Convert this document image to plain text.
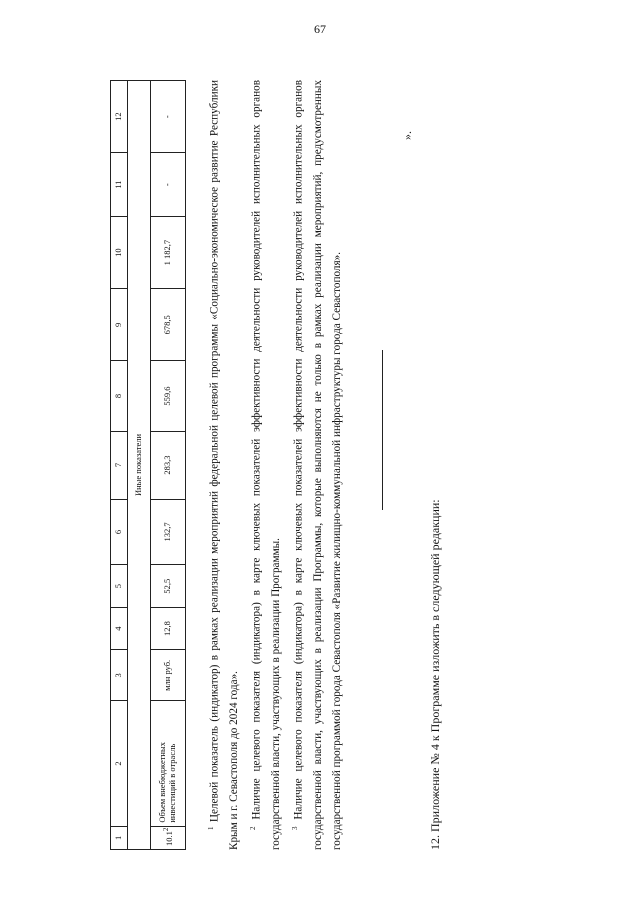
67
1	2	3	4	5	6	7	8	9	10	11	12
Иные показатели											
10.1$^2$	Объем внебюджетных инвестиций в отрасль	млн руб.	12,8	52,5	132,7	283,3	559,6	678,5	1 182,7	-	-

$^1$ Целевой показатель (индикатор) в рамках реализации мероприятий федеральной целевой программы «Социально-экономическое развитие Республики Крым и г. Севастополя до 2024 года».	$^2$ Наличие целевого показателя (индикатора) в карте ключевых показателей эффективности деятельности руководителей исполнительных органов государственной власти, участвующих в реализации Программы.	$^3$ Наличие целевого показателя (индикатора) в карте ключевых показателей эффективности деятельности руководителей исполнительных органов государственной власти, участвующих в реализации Программы, которые выполняются не только в рамках реализации мероприятий, предусмотренных государственной программой города Севастополя «Развитие жилищно-коммунальной инфраструктуры города Севастополя».

».
12. Приложение № 4 к Программе изложить в следующей редакции:
